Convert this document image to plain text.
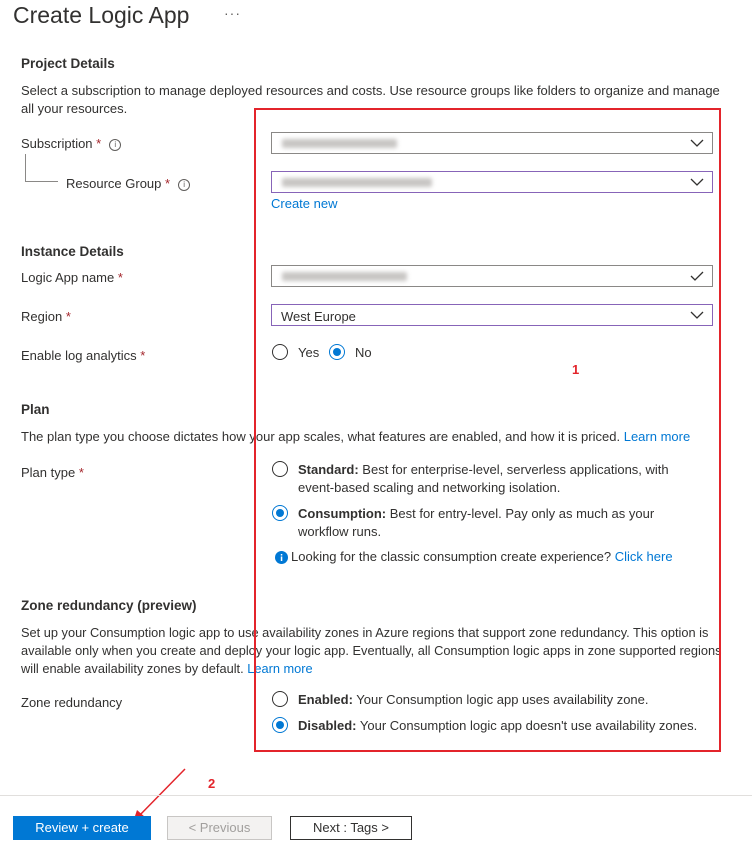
Create Logic App ···
Project Details
Select a subscription to manage deployed resources and costs. Use resource groups like folders to organize and manage all your resources.
Subscription * i
Resource Group * i
Create new
Instance Details
Logic App name *
Region *	West Europe
Enable log analytics *	Yes	No
Plan
The plan type you choose dictates how your app scales, what features are enabled, and how it is priced. Learn more
Plan type *	Standard: Best for enterprise-level, serverless applications, with event-based scaling and networking isolation.
Consumption: Best for entry-level. Pay only as much as your workflow runs.
Looking for the classic consumption create experience? Click here
Zone redundancy (preview)
Set up your Consumption logic app to use availability zones in Azure regions that support zone redundancy. This option is available only when you create and deploy your logic app. Eventually, all Consumption logic apps in zone supported regions will enable availability zones by default. Learn more
Zone redundancy	Enabled: Your Consumption logic app uses availability zone.
Disabled: Your Consumption logic app doesn't use availability zones.
1
2
Review + create	< Previous	Next : Tags >
